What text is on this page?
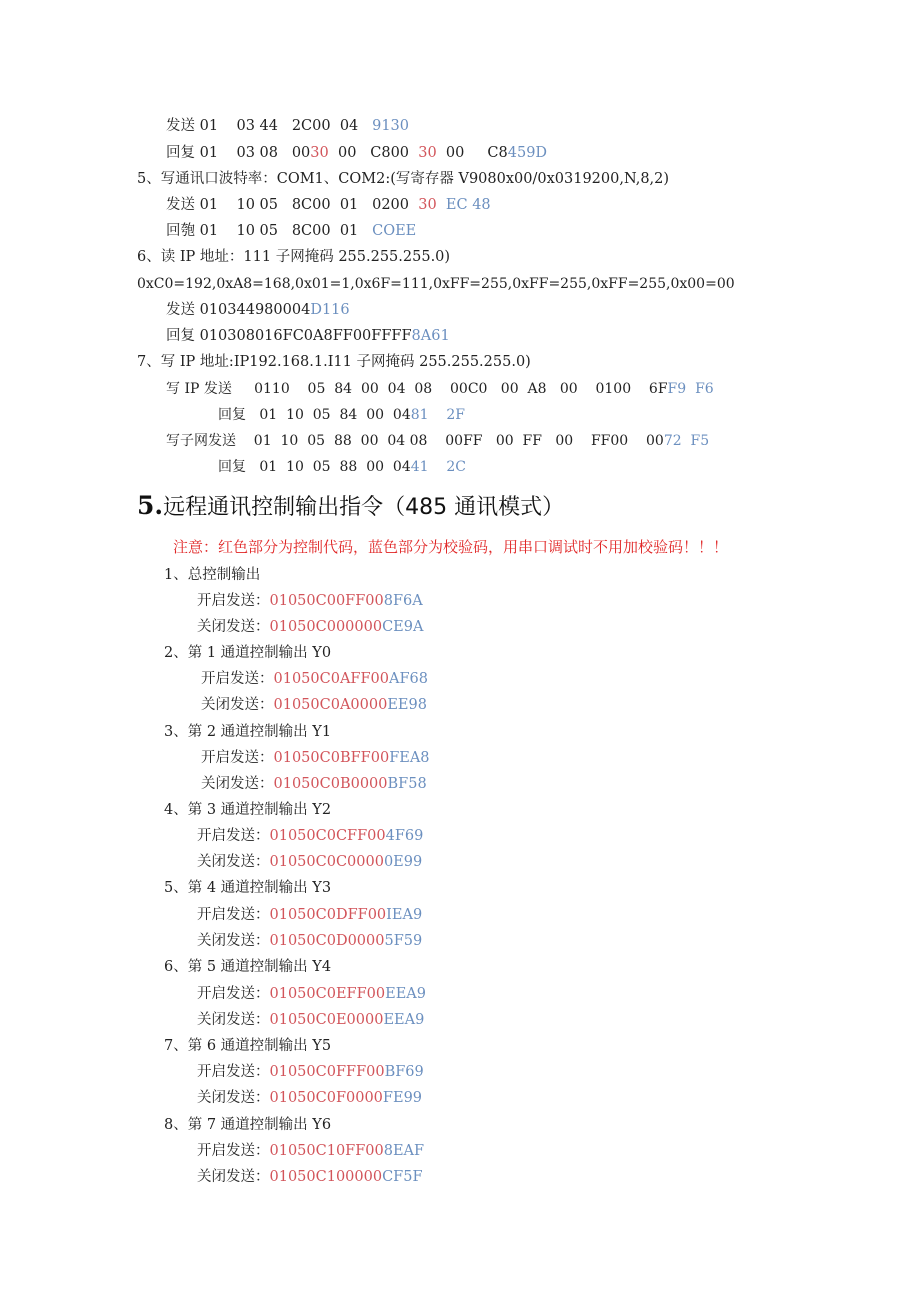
发送 01    03 44   2C00  04   9130
回复 01    03 08   0030  00   C800  30  00     C8459D
5、写通讯口波特率：COM1、COM2:(写寄存器 V9080x00/0x0319200,N,8,2)
发送 01    10 05   8C00  01   0200  30  EC 48
回匏 01    10 05   8C00  01   COEE
6、读 IP 地址：111 子网掩码 255.255.255.0)
0xC0=192,0xA8=168,0x01=1,0x6F=111,0xFF=255,0xFF=255,0xFF=255,0x00=00
发送 010344980004D116
回复 010308016FC0A8FF00FFFF8A61
7、写 IP 地址:IP192.168.1.I11 子网掩码 255.255.255.0)
写 IP 发送     0110    05  84  00  04  08    00C0   00  A8   00    0100    6FF9  F6
回复   01  10  05  84  00  0481    2F
写子网发送    01  10  05  88  00  04 08    00FF   00  FF   00    FF00    0072  F5
回复   01  10  05  88  00  0441    2C
5.远程通讯控制输出指令（485 通讯模式）
注意：红色部分为控制代码，蓝色部分为校验码，用串口调试时不用加校验码！！！
1、总控制输出
开启发送：01050C00FF008F6A
关闭发送：01050C000000CE9A
2、第 1 通道控制输出 Y0
开启发送：01050C0AFF00AF68
关闭发送：01050C0A0000EE98
3、第 2 通道控制输出 Y1
开启发送：01050C0BFF00FEA8
关闭发送：01050C0B0000BF58
4、第 3 通道控制输出 Y2
开启发送：01050C0CFF004F69
关闭发送：01050C0C00000E99
5、第 4 通道控制输出 Y3
开启发送：01050C0DFF00IEA9
关闭发送：01050C0D00005F59
6、第 5 通道控制输出 Y4
开启发送：01050C0EFF00EEA9
关闭发送：01050C0E0000EEA9
7、第 6 通道控制输出 Y5
开启发送：01050C0FFF00BF69
关闭发送：01050C0F0000FE99
8、第 7 通道控制输出 Y6
开启发送：01050C10FF008EAF
关闭发送：01050C100000CF5F
